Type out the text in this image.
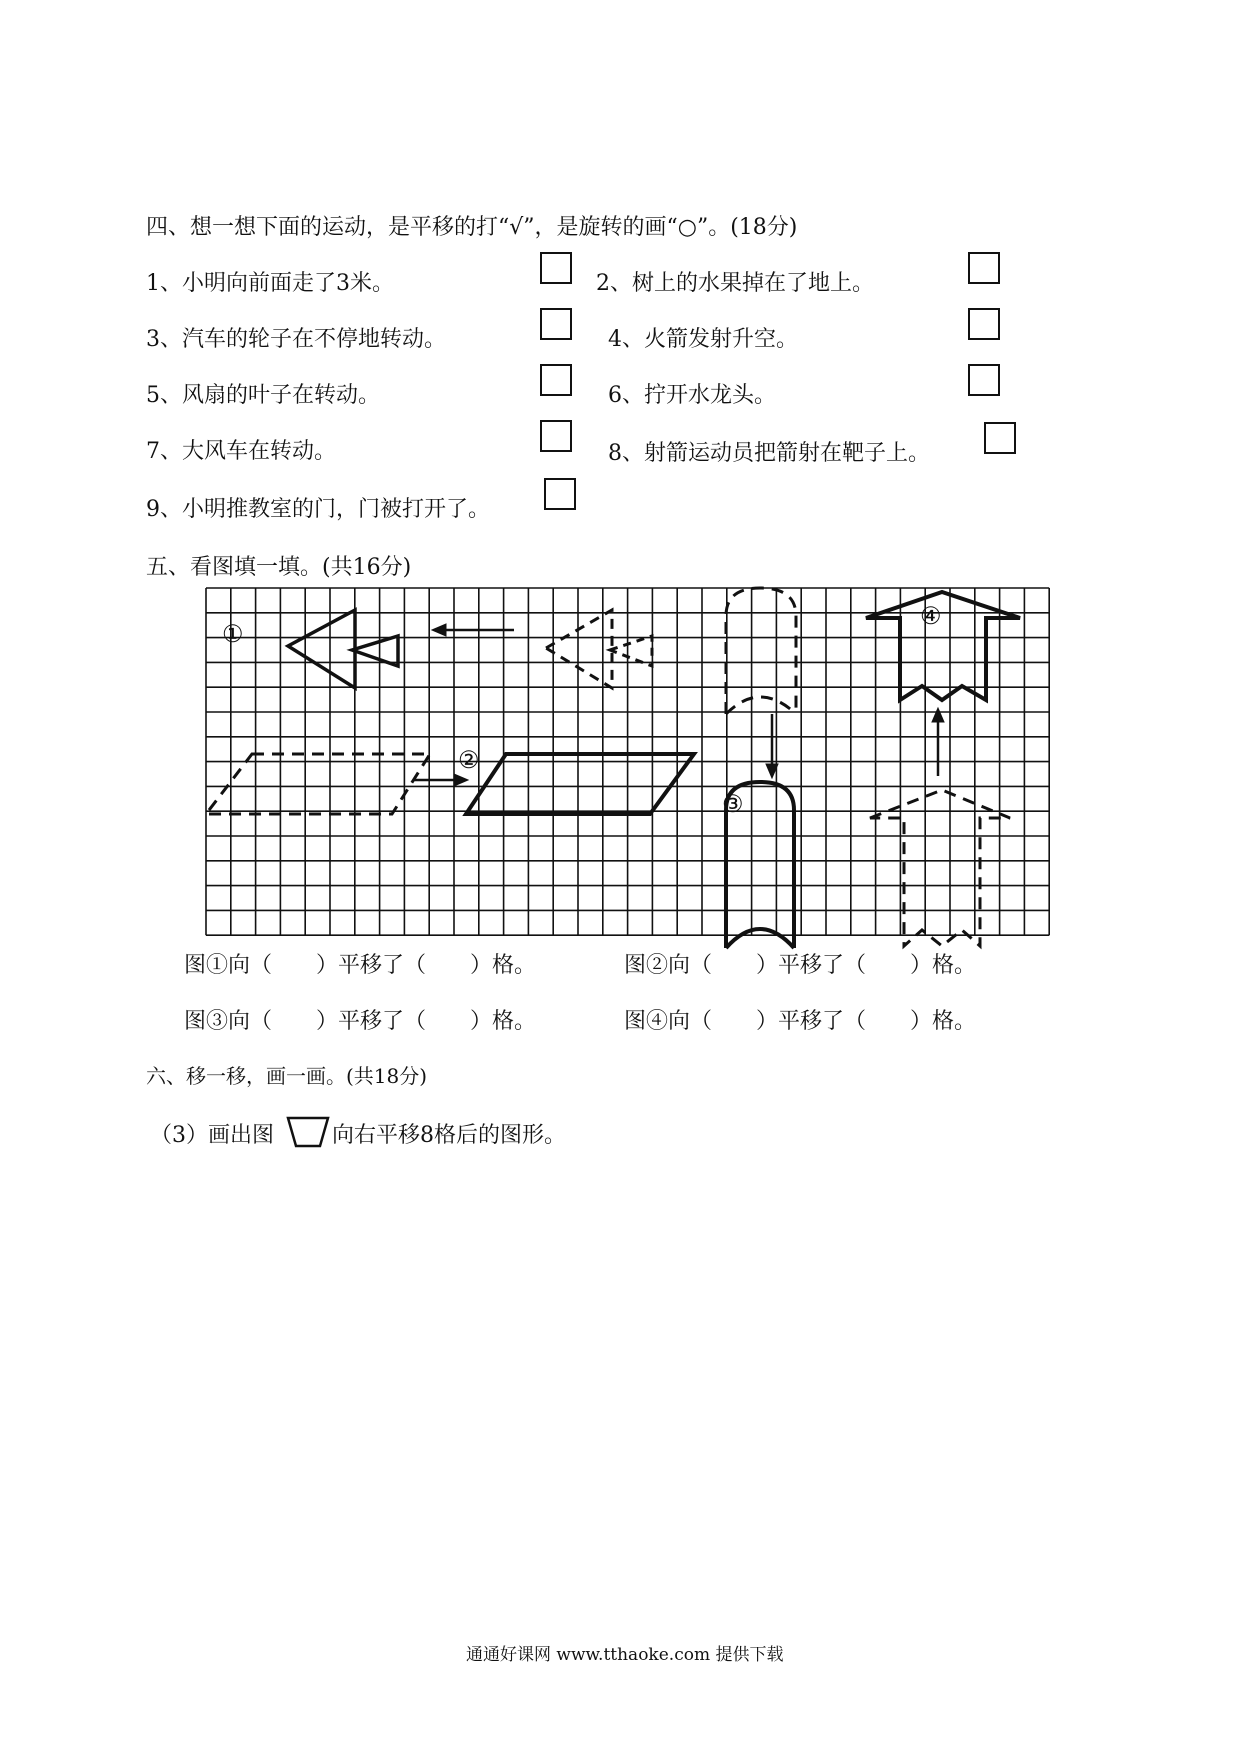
四、想一想下面的运动，是平移的打“√”，是旋转的画“○”。(18分)
1、小明向前面走了3米。	2、树上的水果掉在了地上。
3、汽车的轮子在不停地转动。	4、火箭发射升空。
5、风扇的叶子在转动。	6、拧开水龙头。
7、大风车在转动。	8、射箭运动员把箭射在靶子上。
9、小明推教室的门，门被打开了。
五、看图填一填。(共16分)
①
②
③
④
图①向（　　）平移了（　　）格。	图②向（　　）平移了（　　）格。
图③向（　　）平移了（　　）格。	图④向（　　）平移了（　　）格。
六、移一移，画一画。(共18分)
（3）画出图	向右平移8格后的图形。
通通好课网 www.tthaoke.com 提供下载
